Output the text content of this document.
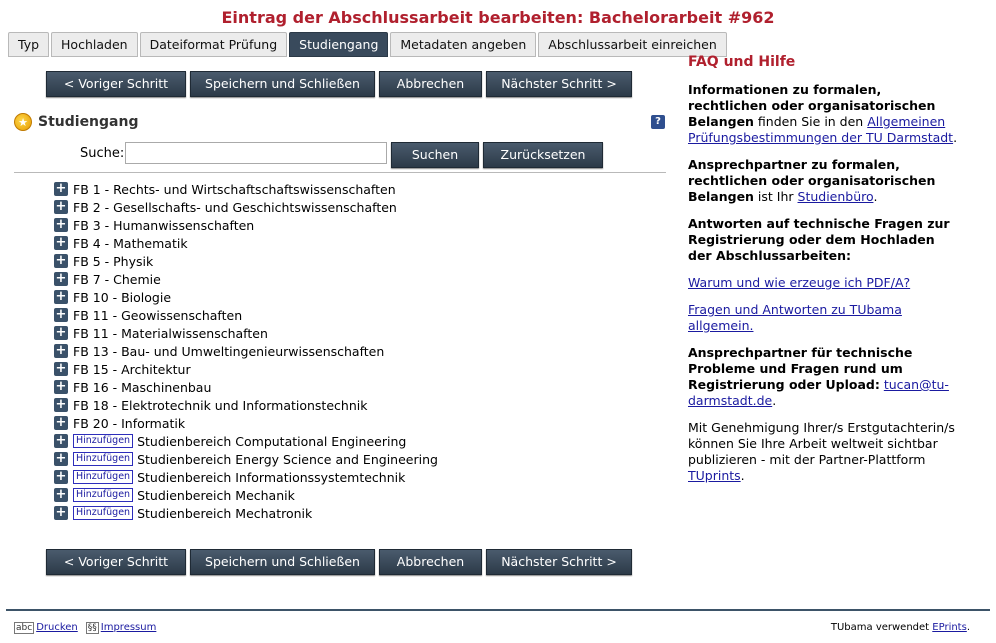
Eintrag der Abschlussarbeit bearbeiten: Bachelorarbeit #962
Typ	Hochladen	Dateiformat Prüfung	Studiengang	Metadaten angeben	Abschlussarbeit einreichen
< Voriger Schritt	Speichern und Schließen	Abbrechen	Nächster Schritt >
★ Studiengang	?
Suche:	Suchen	Zurücksetzen
+ FB 1 - Rechts- und Wirtschaftschaftswissenschaften
+ FB 2 - Gesellschafts- und Geschichtswissenschaften
+ FB 3 - Humanwissenschaften
+ FB 4 - Mathematik
+ FB 5 - Physik
+ FB 7 - Chemie
+ FB 10 - Biologie
+ FB 11 - Geowissenschaften
+ FB 11 - Materialwissenschaften
+ FB 13 - Bau- und Umweltingenieurwissenschaften
+ FB 15 - Architektur
+ FB 16 - Maschinenbau
+ FB 18 - Elektrotechnik und Informationstechnik
+ FB 20 - Informatik
+	Hinzufügen Studienbereich Computational Engineering
+	Hinzufügen Studienbereich Energy Science and Engineering
+	Hinzufügen Studienbereich Informationssystemtechnik
+	Hinzufügen Studienbereich Mechanik
+	Hinzufügen Studienbereich Mechatronik
< Voriger Schritt	Speichern und Schließen	Abbrechen	Nächster Schritt >
FAQ und Hilfe

Informationen zu formalen, rechtlichen oder organisatorischen Belangen finden Sie in den Allgemeinen Prüfungsbestimmungen der TU Darmstadt.

Ansprechpartner zu formalen, rechtlichen oder organisatorischen Belangen ist Ihr Studienbüro.

Antworten auf technische Fragen zur Registrierung oder dem Hochladen der Abschlussarbeiten:

Warum und wie erzeuge ich PDF/A?

Fragen und Antworten zu TUbama allgemein.

Ansprechpartner für technische Probleme und Fragen rund um Registrierung oder Upload: tucan@tu-darmstadt.de.

Mit Genehmigung Ihrer/s Erstgutachterin/s können Sie Ihre Arbeit weltweit sichtbar publizieren - mit der Partner-Plattform TUprints.

abc Drucken §§ Impressum	TUbama verwendet EPrints.
